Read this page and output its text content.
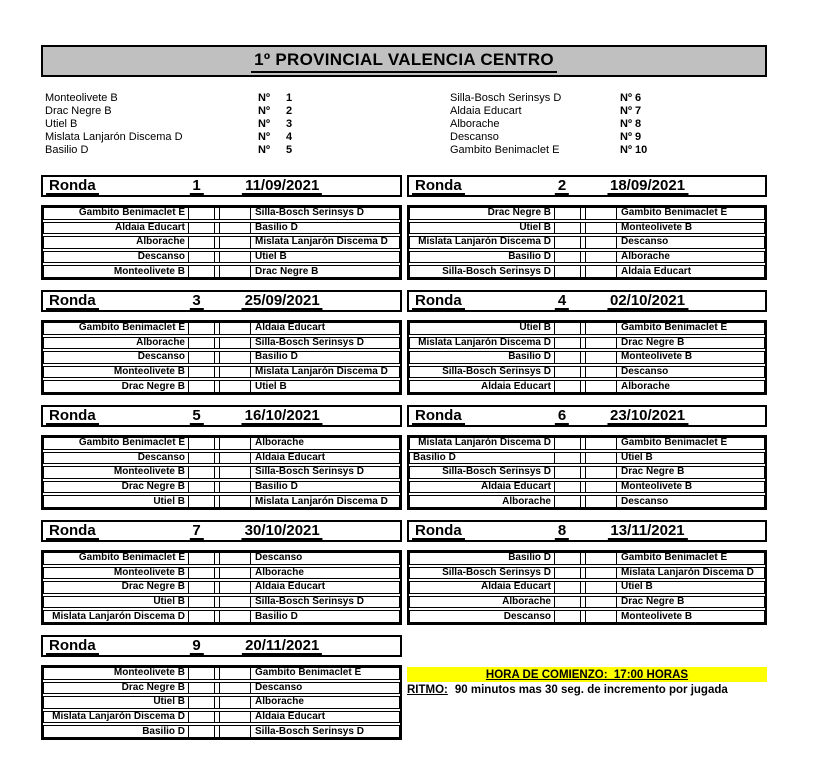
1º PROVINCIAL VALENCIA CENTRO
Monteolivete B	Nº	1
Drac Negre B	Nº	2
Utiel B	Nº	3
Mislata Lanjarón Discema D	Nº	4
Basilio D	Nº	5
Silla-Bosch Serinsys D	Nº 6
Aldaia Educart	Nº 7
Alborache	Nº 8
Descanso	Nº 9
Gambito Benimaclet E	Nº 10
Ronda	1	11/09/2021
Gambito Benimaclet E	Silla-Bosch Serinsys D
Aldaia Educart	Basilio D
Alborache	Mislata Lanjarón Discema D
Descanso	Utiel B
Monteolivete B	Drac Negre B
Ronda	2	18/09/2021
Drac Negre B	Gambito Benimaclet E
Utiel B	Monteolivete B
Mislata Lanjarón Discema D	Descanso
Basilio D	Alborache
Silla-Bosch Serinsys D	Aldaia Educart
Ronda	3	25/09/2021
Gambito Benimaclet E	Aldaia Educart
Alborache	Silla-Bosch Serinsys D
Descanso	Basilio D
Monteolivete B	Mislata Lanjarón Discema D
Drac Negre B	Utiel B
Ronda	4	02/10/2021
Utiel B	Gambito Benimaclet E
Mislata Lanjarón Discema D	Drac Negre B
Basilio D	Monteolivete B
Silla-Bosch Serinsys D	Descanso
Aldaia Educart	Alborache
Ronda	5	16/10/2021
Gambito Benimaclet E	Alborache
Descanso	Aldaia Educart
Monteolivete B	Silla-Bosch Serinsys D
Drac Negre B	Basilio D
Utiel B	Mislata Lanjarón Discema D
Ronda	6	23/10/2021
Mislata Lanjarón Discema D	Gambito Benimaclet E
Basilio D	Utiel B
Silla-Bosch Serinsys D	Drac Negre B
Aldaia Educart	Monteolivete B
Alborache	Descanso
Ronda	7	30/10/2021
Gambito Benimaclet E	Descanso
Monteolivete B	Alborache
Drac Negre B	Aldaia Educart
Utiel B	Silla-Bosch Serinsys D
Mislata Lanjarón Discema D	Basilio D
Ronda	8	13/11/2021
Basilio D	Gambito Benimaclet E
Silla-Bosch Serinsys D	Mislata Lanjarón Discema D
Aldaia Educart	Utiel B
Alborache	Drac Negre B
Descanso	Monteolivete B
Ronda	9	20/11/2021
Monteolivete B	Gambito Benimaclet E
Drac Negre B	Descanso
Utiel B	Alborache
Mislata Lanjarón Discema D	Aldaia Educart
Basilio D	Silla-Bosch Serinsys D
HORA DE COMIENZO:  17:00 HORAS
RITMO: 90 minutos mas 30 seg. de incremento por jugada
